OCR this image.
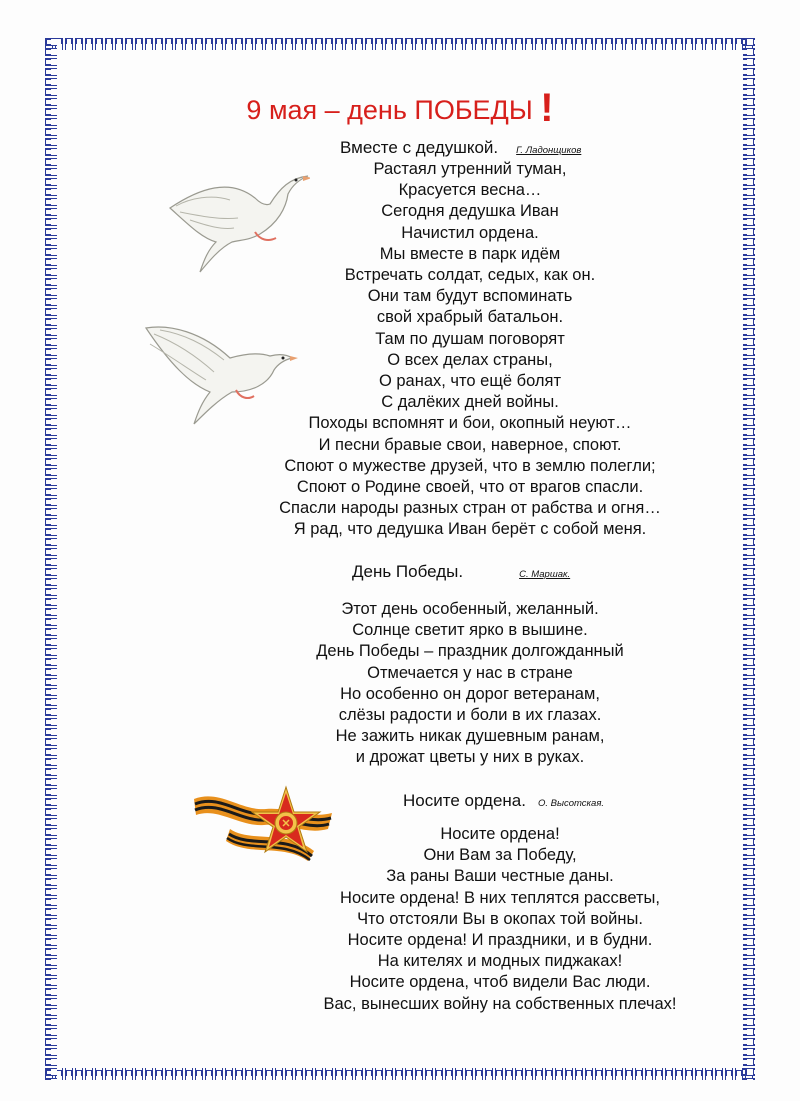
9 мая – день ПОБЕДЫ !
Вместе с дедушкой. Г. Ладонщиков
Растаял утренний туман,
Красуется весна…
Сегодня дедушка Иван
Начистил ордена.
Мы вместе в парк идём
Встречать солдат, седых, как он.
Они там будут вспоминать
свой храбрый батальон.
Там по душам поговорят
О всех делах страны,
О ранах, что ещё болят
С далёких дней войны.
Походы вспомнят и бои, окопный неуют…
И песни бравые свои, наверное, споют.
Споют о мужестве друзей, что в землю полегли;
Споют о Родине своей, что от врагов спасли.
Спасли народы разных стран от рабства и огня…
Я рад, что дедушка Иван берёт с собой меня.
День Победы.	С. Маршак.
Этот день особенный, желанный.
Солнце светит ярко в вышине.
День Победы – праздник долгожданный
Отмечается у нас в стране
Но особенно он дорог ветеранам,
слёзы радости и боли в их глазах.
Не зажить никак душевным ранам,
и дрожат цветы у них в руках.
Носите ордена. О. Высотская.
Носите ордена!
Они Вам за Победу,
За раны Ваши честные даны.
Носите ордена! В них теплятся рассветы,
Что отстояли Вы в окопах той войны.
Носите ордена! И праздники, и в будни.
На кителях и модных пиджаках!
Носите ордена, чтоб видели Вас люди.
Вас, вынесших войну на собственных плечах!
